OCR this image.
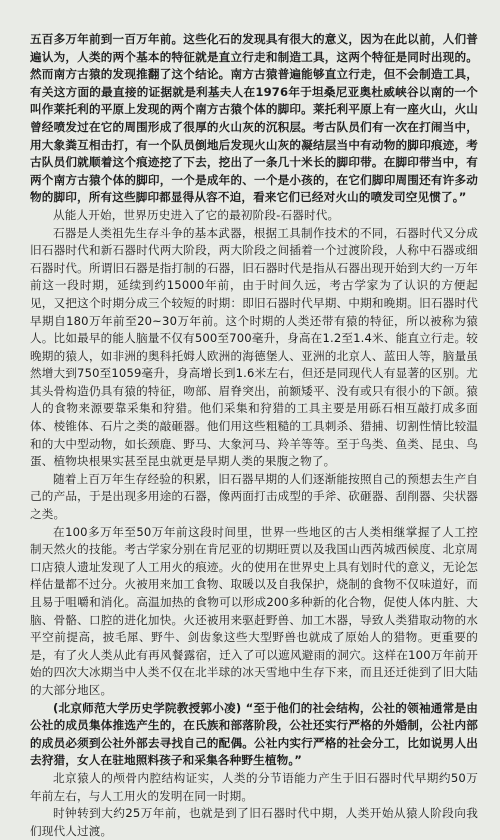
五百多万年前到一百万年前。这些化石的发现具有很大的意义，因为在此以前，人们普遍认为，人类的两个基本的特征就是直立行走和制造工具，这两个特征是同时出现的。然而南方古猿的发现推翻了这个结论。南方古猿普遍能够直立行走，但不会制造工具，有关这方面的最直接的证据就是利基夫人在1976年于坦桑尼亚奥杜威峡谷以南的一个叫作莱托利的平原上发现的两个南方古猿个体的脚印。莱托利平原上有一座火山，火山曾经喷发过在它的周围形成了很厚的火山灰的沉积层。考古队员们有一次在打闹当中，用大象粪互相击打，有一个队员倒地后发现火山灰的凝结层当中有动物的脚印痕迹，考古队员们就顺着这个痕迹挖了下去，挖出了一条几十米长的脚印带。在脚印带当中，有两个南方古猿个体的脚印，一个是成年的、一个是小孩的，在它们脚印周围还有许多动物的脚印，所有这些脚印都显得从容不迫，看来它们已经对火山的喷发司空见惯了。”

从能人开始，世界历史进入了它的最初阶段-石器时代。

石器是人类祖先生存斗争的基本武器，根据工具制作技术的不同，石器时代又分成旧石器时代和新石器时代两大阶段，两大阶段之间插着一个过渡阶段，人称中石器或细石器时代。所谓旧石器是指打制的石器，旧石器时代是指从石器出现开始到大约一万年前这一段时期，延续到约15000年前，由于时间久远，考古学家为了认识的方便起见，又把这个时期分成三个较短的时期：即旧石器时代早期、中期和晚期。旧石器时代早期自180万年前至20~30万年前。这个时期的人类还带有猿的特征，所以被称为猿人。比如最早的能人脑量不仅有500至700毫升，身高在1.2至1.4米、能直立行走。较晚期的猿人，如非洲的奥科托姆人欧洲的海德堡人、亚洲的北京人、蓝田人等，脑量虽然增大到750至1059毫升，身高增长到1.6米左右，但还是同现代人有显著的区别。尤其头骨构造仍具有猿的特征，吻部、眉脊突出，前额矮平、没有或只有很小的下颌。猿人的食物来源要靠采集和狩猎。他们采集和狩猎的工具主要是用砾石相互敲打成多面体、棱锥体、石片之类的敲砸器。他们用这些粗糙的工具刺杀、猎捕、切割性情比较温和的大中型动物，如长颈鹿、野马、大象河马、羚羊等等。至于鸟类、鱼类、昆虫、鸟蛋、植物块根果实甚至昆虫就更是早期人类的果腹之物了。

随着上百万年生存经验的积累，旧石器早期的人们逐渐能按照自己的预想去生产自己的产品，于是出现多用途的石器，像两面打击成型的手斧、砍砸器、刮削器、尖状器之类。

在100多万年至50万年前这段时间里，世界一些地区的古人类相继掌握了人工控制天然火的技能。考古学家分别在肯尼亚的切期旺贾以及我国山西芮城西候度、北京周口店猿人遗址发现了人工用火的痕迹。火的使用在世界史上具有划时代的意义，无论怎样估量都不过分。火被用来加工食物、取暖以及自我保护，烧制的食物不仅味道好，而且易于咀嚼和消化。高温加热的食物可以形成200多种新的化合物，促使人体内脏、大脑、骨骼、口腔的进化加快。火还被用来驱赶野兽、加工木器，导致人类猎取动物的水平空前提高，披毛犀、野牛、剑齿象这些大型野兽也就成了原始人的猎物。更重要的是，有了火人类从此有再风餐露宿，迁入了可以遮风避雨的洞穴。这样在100万年前开始的四次大冰期当中人类不仅在北半球的冰天雪地中生存下来，而且还迁徙到了旧大陆的大部分地区。

(北京师范大学历史学院教授郭小凌) “至于他们的社会结构，公社的领袖通常是由公社的成员集体推选产生的，在氏族和部落阶段，公社还实行严格的外婚制，公社内部的成员必须到公社外部去寻找自己的配偶。公社内实行严格的社会分工，比如说男人出去狩猎，女人在驻地照料孩子和采集各种野生植物。”

北京猿人的颅骨内腔结构证实，人类的分节语能力产生于旧石器时代早期约50万年前左右，与人工用火的发明在同一时期。

时钟转到大约25万年前，也就是到了旧石器时代中期，人类开始从猿人阶段向我们现代人过渡。
